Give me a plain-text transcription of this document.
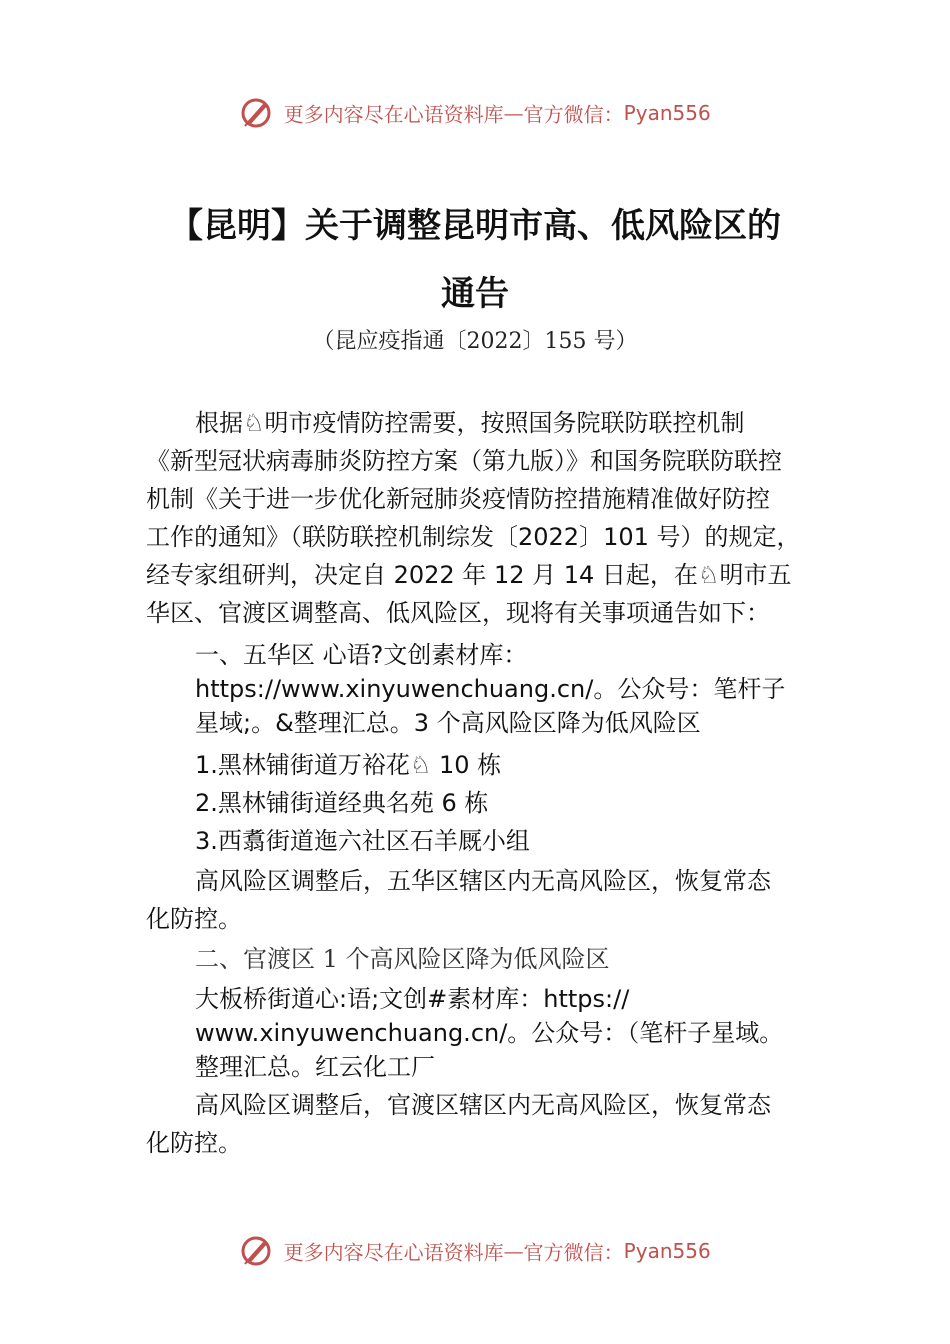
更多内容尽在心语资料库—官方微信：Pyan556
【昆明】关于调整昆明市高、低风险区的
通告
（昆应疫指通〔2022〕155 号）
根据♘明市疫情防控需要，按照国务院联防联控机制
《新型冠状病毒肺炎防控方案（第九版）》和国务院联防联控
机制《关于进一步优化新冠肺炎疫情防控措施精准做好防控
工作的通知》（联防联控机制综发〔2022〕101 号）的规定，
经专家组研判，决定自 2022 年 12 月 14 日起，在♘明市五
华区、官渡区调整高、低风险区，现将有关事项通告如下：
一、五华区 心语?文创素材库：
https://www.xinyuwenchuang.cn/。公众号：笔杆子
星域;。&整理汇总。3 个高风险区降为低风险区
1.黑林铺街道万裕花♘ 10 栋
2.黑林铺街道经典名苑 6 栋
3.西翥街道迤六社区石羊厩小组
高风险区调整后，五华区辖区内无高风险区，恢复常态
化防控。
二、官渡区 1 个高风险区降为低风险区
大板桥街道心:语;文创#素材库：https://
www.xinyuwenchuang.cn/。公众号：（笔杆子星域。
整理汇总。红云化工厂
高风险区调整后，官渡区辖区内无高风险区，恢复常态
化防控。
更多内容尽在心语资料库—官方微信：Pyan556
